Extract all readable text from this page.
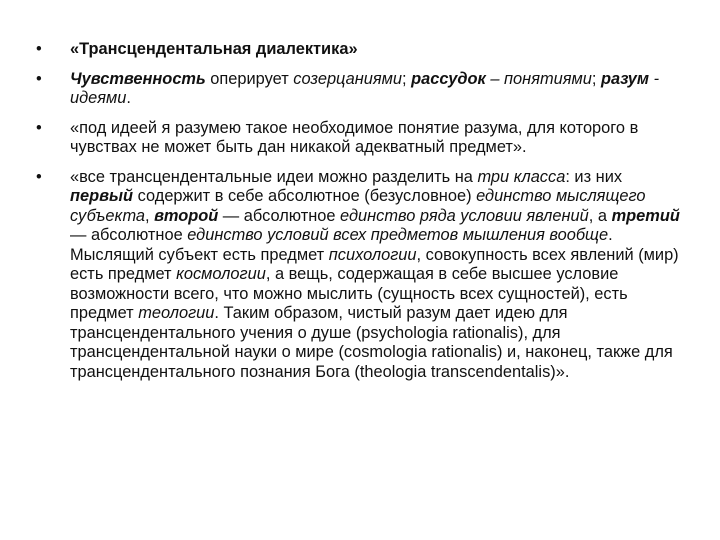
•	«Трансцендентальная диалектика»
•	Чувственность оперирует созерцаниями; рассудок – понятиями; разум - идеями.
•	«под идеей я разумею такое необходимое понятие разума, для которого в чувствах не может быть дан никакой адекватный предмет».
•	«все трансцендентальные идеи можно разделить на три класса: из них первый содержит в себе абсолютное (безусловное) единство мыслящего субъекта, второй — абсолютное единство ряда условии явлений, а третий — абсолютное единство условий всех предметов мышления вообще. Мыслящий субъект есть предмет психологии, совокупность всех явлений (мир) есть предмет космологии, а вещь, содержащая в себе высшее условие возможности всего, что можно мыслить (сущность всех сущностей), есть предмет теологии. Таким образом, чистый разум дает идею для трансцендентального учения о душе (psychologia rationalis), для трансцендентальной науки о мире (cosmologia rationalis) и, наконец, также для трансцендентального познания Бога (theologia transcendentalis)».
